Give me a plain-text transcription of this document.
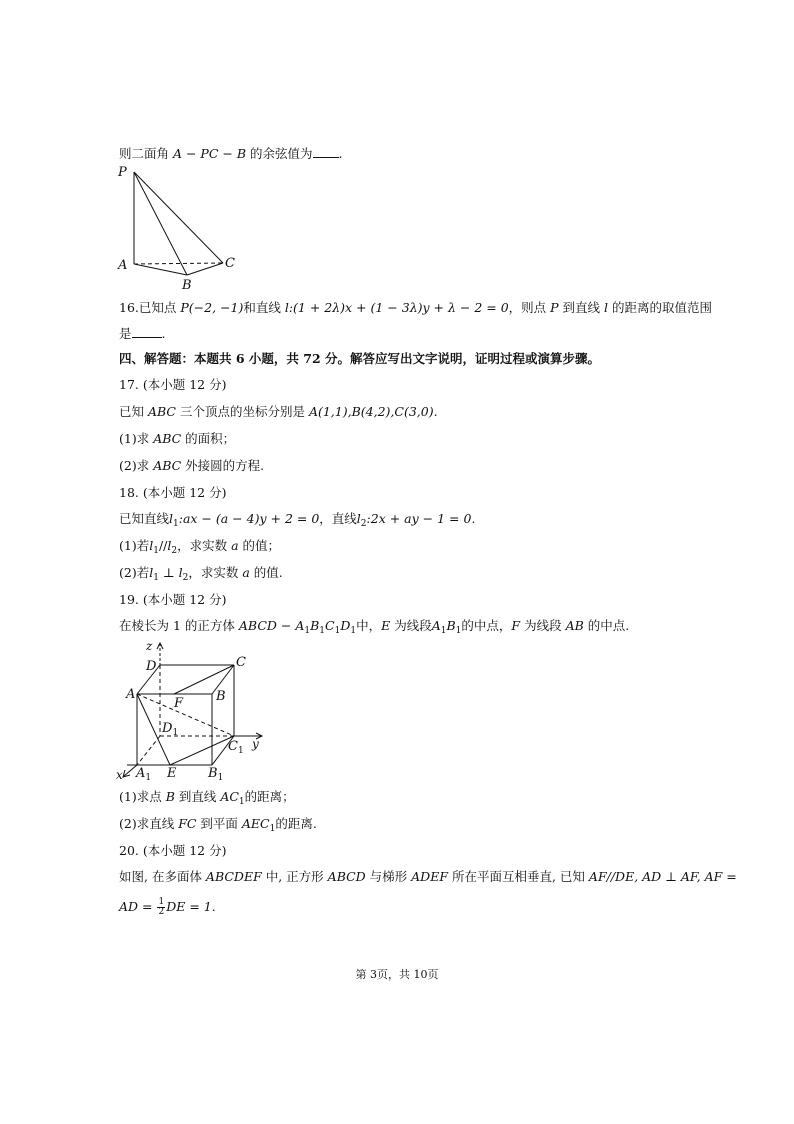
则二面角 A − PC − B 的余弦值为 .
P
A
B
C
16.已知点 P(−2, −1)和直线 l:(1 + 2λ)x + (1 − 3λ)y + λ − 2 = 0，则点 P 到直线 l 的距离的取值范围
是 .
四、解答题：本题共 6 小题，共 72 分。解答应写出文字说明，证明过程或演算步骤。
17. (本小题 12 分)
已知 ABC 三个顶点的坐标分别是 A(1,1),B(4,2),C(3,0).
(1)求 ABC 的面积；
(2)求 ABC 外接圆的方程.
18. (本小题 12 分)
已知直线$l_1:ax - (a - 4)y + 2 = 0$，直线$l_2:2x$ + ay − 1 = 0.
(1)若$l_1//l_2$，求实数 a 的值；
(2)若$l_1$ ⊥ $l_2$，求实数 a 的值.
19. (本小题 12 分)
在棱长为 1 的正方体 ABCD − $A_1B_1C_1D_1$中，E 为线段$A_1B_1$的中点，F 为线段 AB 的中点.
z
D	C
A	B
F
$D_1$
$C_1$ y
x $A_1$ E $B_1$
(1)求点 B 到直线 $AC_1$的距离；
(2)求直线 FC 到平面 $AEC_1$的距离.
20. (本小题 12 分)
如图, 在多面体 ABCDEF 中, 正方形 ABCD 与梯形 ADEF 所在平面互相垂直, 已知 AF//DE, AD ⊥ AF, AF =
AD = $\frac{1}{2}$ DE = 1.
第 3页，共 10页
